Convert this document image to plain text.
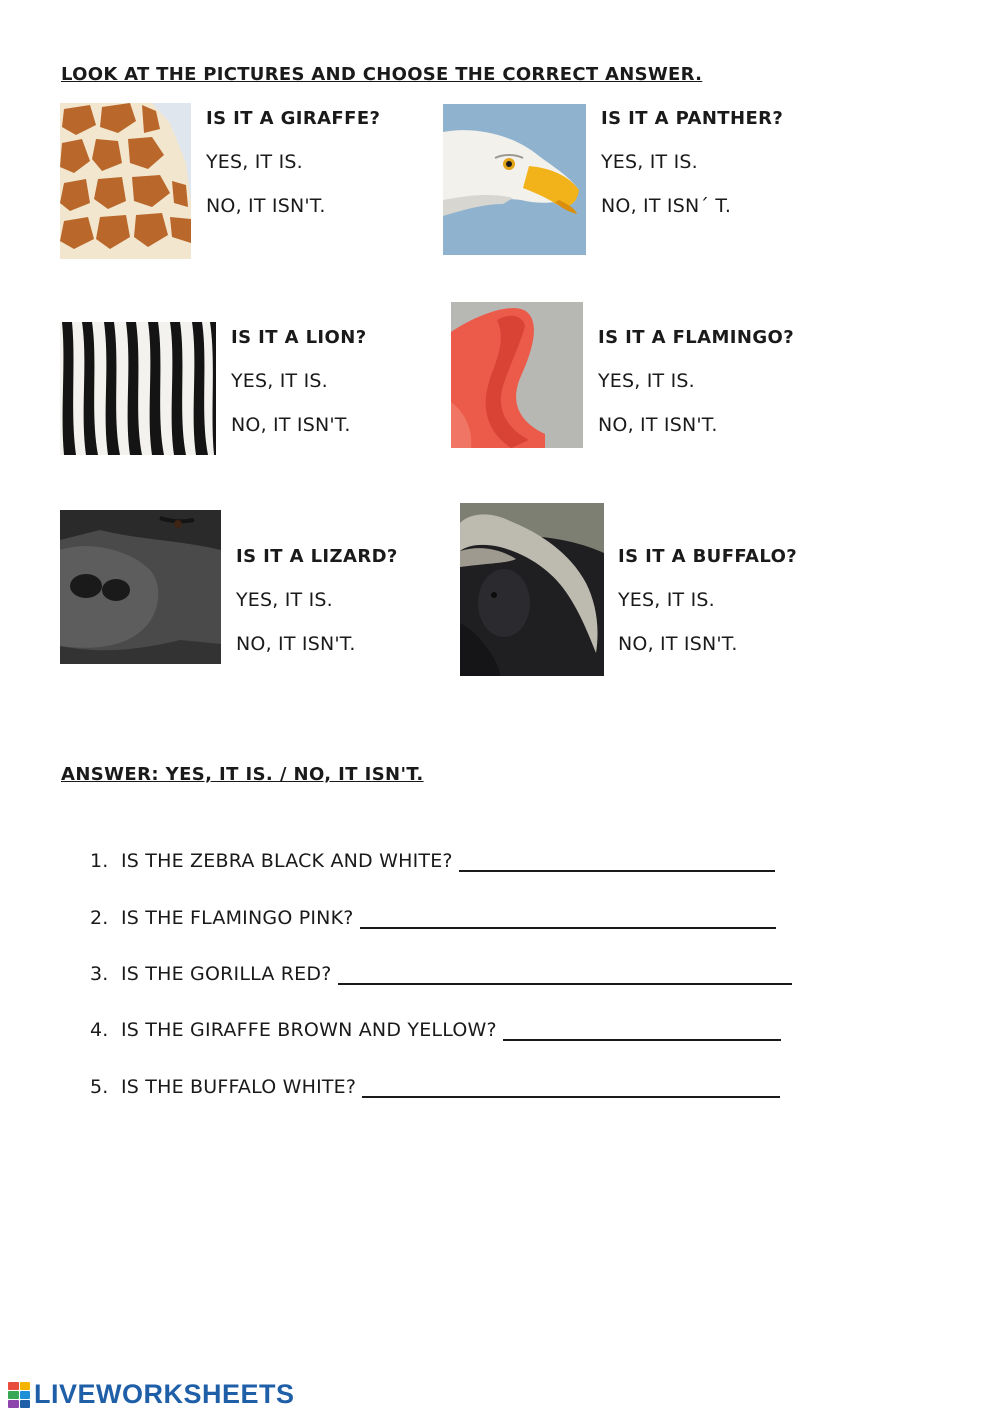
LOOK AT THE PICTURES AND CHOOSE THE CORRECT ANSWER.
IS IT A GIRAFFE?
YES, IT IS.
NO, IT ISN'T.
IS IT A PANTHER?
YES, IT IS.
NO, IT ISN´ T.
IS IT A LION?
YES, IT IS.
NO, IT ISN'T.
IS IT A FLAMINGO?
YES, IT IS.
NO, IT ISN'T.
IS IT A LIZARD?
YES, IT IS.
NO, IT ISN'T.
IS IT A BUFFALO?
YES, IT IS.
NO, IT ISN'T.
ANSWER: YES, IT IS. / NO, IT ISN'T.
1. IS THE ZEBRA BLACK AND WHITE?
2. IS THE FLAMINGO PINK?
3. IS THE GORILLA RED?
4. IS THE GIRAFFE BROWN AND YELLOW?
5. IS THE BUFFALO WHITE?
LIVEWORKSHEETS
